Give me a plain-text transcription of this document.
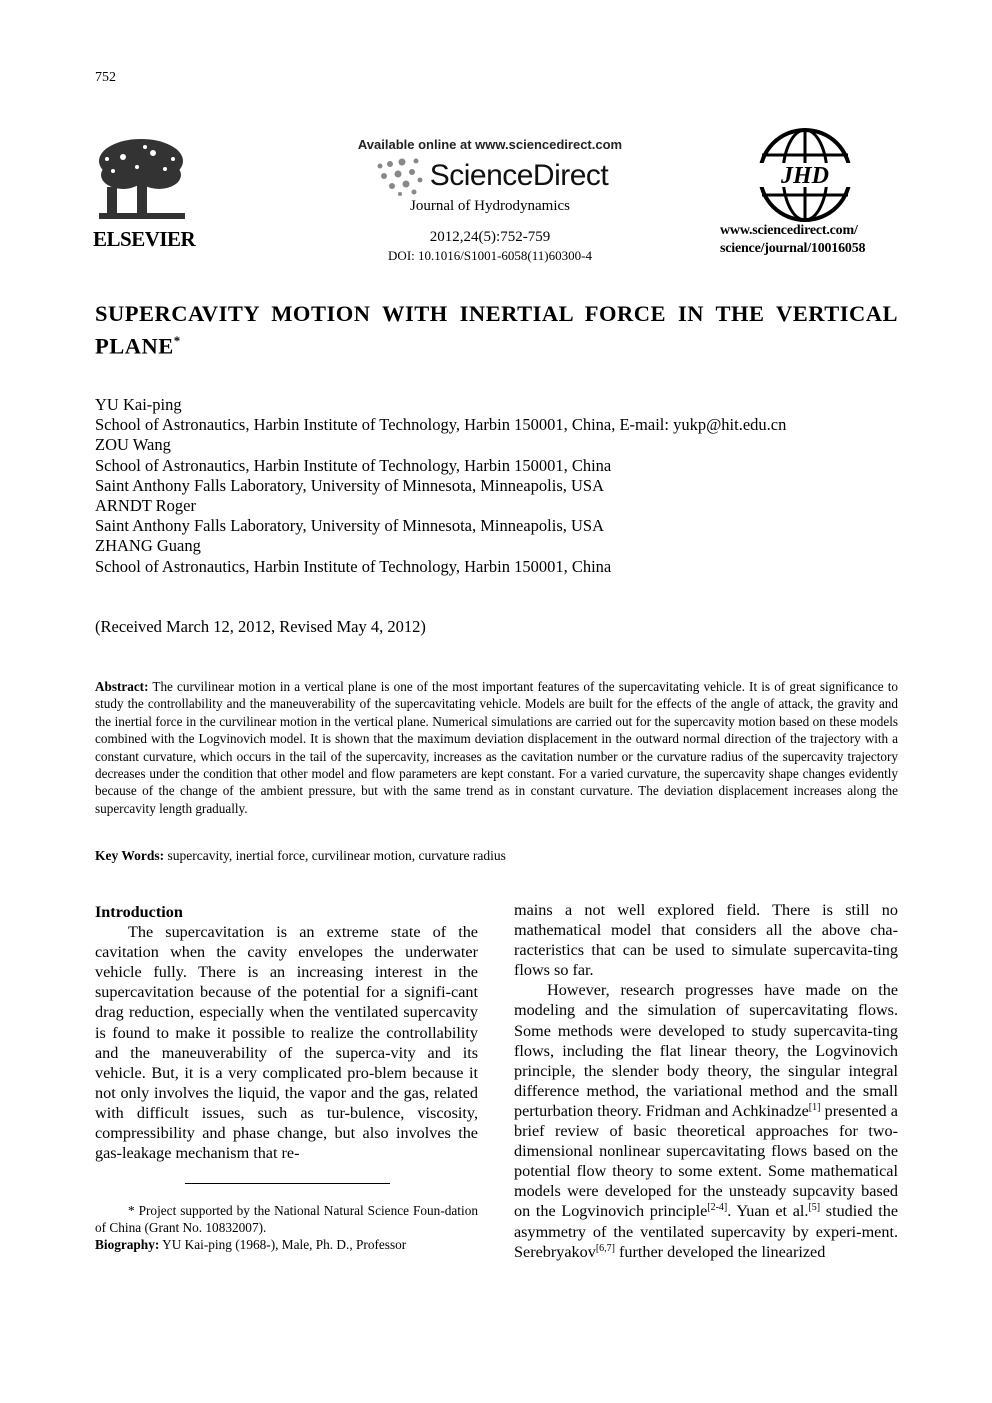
752
ELSEVIER
Available online at www.sciencedirect.com
ScienceDirect
Journal of Hydrodynamics
2012,24(5):752-759
DOI: 10.1016/S1001-6058(11)60300-4
JHD
www.sciencedirect.com/
science/journal/10016058
SUPERCAVITY MOTION WITH INERTIAL FORCE IN THE VERTICAL PLANE*
YU Kai-ping
School of Astronautics, Harbin Institute of Technology, Harbin 150001, China, E-mail: yukp@hit.edu.cn
ZOU Wang
School of Astronautics, Harbin Institute of Technology, Harbin 150001, China
Saint Anthony Falls Laboratory, University of Minnesota, Minneapolis, USA
ARNDT Roger
Saint Anthony Falls Laboratory, University of Minnesota, Minneapolis, USA
ZHANG Guang
School of Astronautics, Harbin Institute of Technology, Harbin 150001, China
(Received March 12, 2012, Revised May 4, 2012)
Abstract: The curvilinear motion in a vertical plane is one of the most important features of the supercavitating vehicle. It is of great significance to study the controllability and the maneuverability of the supercavitating vehicle. Models are built for the effects of the angle of attack, the gravity and the inertial force in the curvilinear motion in the vertical plane. Numerical simulations are carried out for the supercavity motion based on these models combined with the Logvinovich model. It is shown that the maximum deviation displacement in the outward normal direction of the trajectory with a constant curvature, which occurs in the tail of the supercavity, increases as the cavitation number or the curvature radius of the supercavity trajectory decreases under the condition that other model and flow parameters are kept constant. For a varied curvature, the supercavity shape changes evidently because of the change of the ambient pressure, but with the same trend as in constant curvature. The deviation displacement increases along the supercavity length gradually.
Key Words: supercavity, inertial force, curvilinear motion, curvature radius
Introduction

The supercavitation is an extreme state of the cavitation when the cavity envelopes the underwater vehicle fully. There is an increasing interest in the supercavitation because of the potential for a signifi-cant drag reduction, especially when the ventilated supercavity is found to make it possible to realize the controllability and the maneuverability of the superca-vity and its vehicle. But, it is a very complicated pro-blem because it not only involves the liquid, the vapor and the gas, related with difficult issues, such as tur-bulence, viscosity, compressibility and phase change, but also involves the gas-leakage mechanism that re-

mains a not well explored field. There is still no mathematical model that considers all the above cha-racteristics that can be used to simulate supercavita-ting flows so far.

However, research progresses have made on the modeling and the simulation of supercavitating flows. Some methods were developed to study supercavita-ting flows, including the flat linear theory, the Logvinovich principle, the slender body theory, the singular integral difference method, the variational method and the small perturbation theory. Fridman and Achkinadze[1] presented a brief review of basic theoretical approaches for two-dimensional nonlinear supercavitating flows based on the potential flow theory to some extent. Some mathematical models were developed for the unsteady supcavity based on the Logvinovich principle[2-4]. Yuan et al.[5] studied the asymmetry of the ventilated supercavity by experi-ment. Serebryakov[6,7] further developed the linearized

* Project supported by the National Natural Science Foun-dation of China (Grant No. 10832007).

Biography: YU Kai-ping (1968-), Male, Ph. D., Professor
